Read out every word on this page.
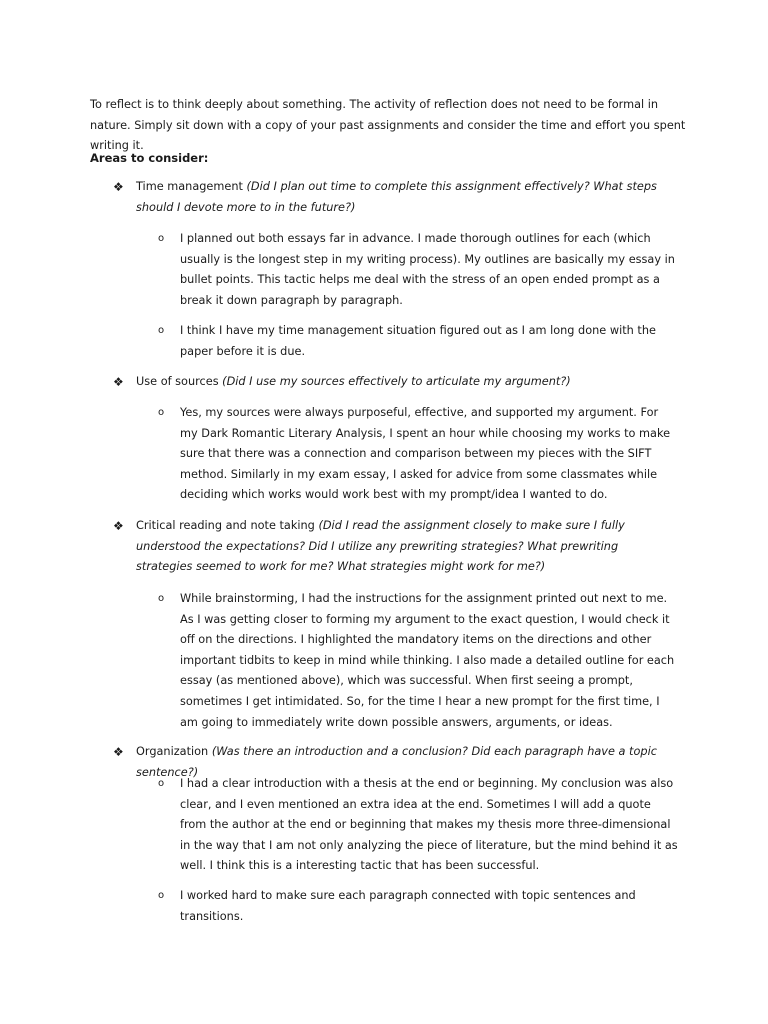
To reflect is to think deeply about something. The activity of reflection does not need to be formal in nature. Simply sit down with a copy of your past assignments and consider the time and effort you spent writing it.
Areas to consider:
❖ Time management (Did I plan out time to complete this assignment effectively? What steps should I devote more to in the future?)
o I planned out both essays far in advance. I made thorough outlines for each (which usually is the longest step in my writing process). My outlines are basically my essay in bullet points. This tactic helps me deal with the stress of an open ended prompt as a break it down paragraph by paragraph.
o I think I have my time management situation figured out as I am long done with the paper before it is due.
❖ Use of sources (Did I use my sources effectively to articulate my argument?)
o Yes, my sources were always purposeful, effective, and supported my argument. For my Dark Romantic Literary Analysis, I spent an hour while choosing my works to make sure that there was a connection and comparison between my pieces with the SIFT method. Similarly in my exam essay, I asked for advice from some classmates while deciding which works would work best with my prompt/idea I wanted to do.
❖ Critical reading and note taking (Did I read the assignment closely to make sure I fully understood the expectations? Did I utilize any prewriting strategies? What prewriting strategies seemed to work for me? What strategies might work for me?)
o While brainstorming, I had the instructions for the assignment printed out next to me. As I was getting closer to forming my argument to the exact question, I would check it off on the directions. I highlighted the mandatory items on the directions and other important tidbits to keep in mind while thinking. I also made a detailed outline for each essay (as mentioned above), which was successful. When first seeing a prompt, sometimes I get intimidated. So, for the time I hear a new prompt for the first time, I am going to immediately write down possible answers, arguments, or ideas.
❖ Organization (Was there an introduction and a conclusion? Did each paragraph have a topic sentence?)
o I had a clear introduction with a thesis at the end or beginning. My conclusion was also clear, and I even mentioned an extra idea at the end. Sometimes I will add a quote from the author at the end or beginning that makes my thesis more three-dimensional in the way that I am not only analyzing the piece of literature, but the mind behind it as well. I think this is a interesting tactic that has been successful.
o I worked hard to make sure each paragraph connected with topic sentences and transitions.
